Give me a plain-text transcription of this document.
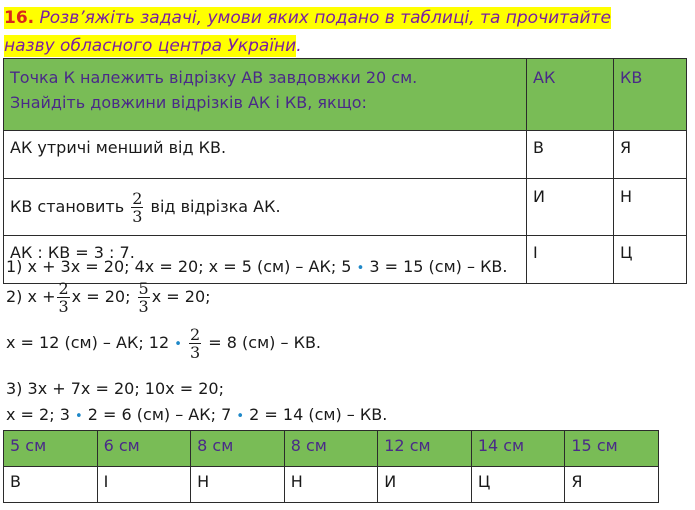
16. Розв’яжіть задачі, умови яких подано в таблиці, та прочитайте
назву обласного центра України.
Точка К належить відрізку АВ завдовжки 20 см.
Знайдіть довжини відрізків АК і КВ, якщо:	АК	КВ
АК утричі менший від КВ.	В	Я
КВ становить $\frac{2}{3}$ від відрізка АК.	И	Н
АК : КВ = 3 : 7.	І	Ц
1) x + 3x = 20; 4x = 20; x = 5 (см) – АК; 5 • 3 = 15 (см) – КВ.
2) $x + \frac{2}{3}$ x = 20; $\frac{5}{3}$ x = 20;
x = 12 (см) – АК; 12 • $\frac{2}{3} = 8$ (см) – КВ.
3) 3x + 7x = 20; 10x = 20;
x = 2; 3 • 2 = 6 (см) – АК; 7 • 2 = 14 (см) – КВ.
5 см	6 см	8 см	8 см	12 см	14 см	15 см
В	І	Н	Н	И	Ц	Я
